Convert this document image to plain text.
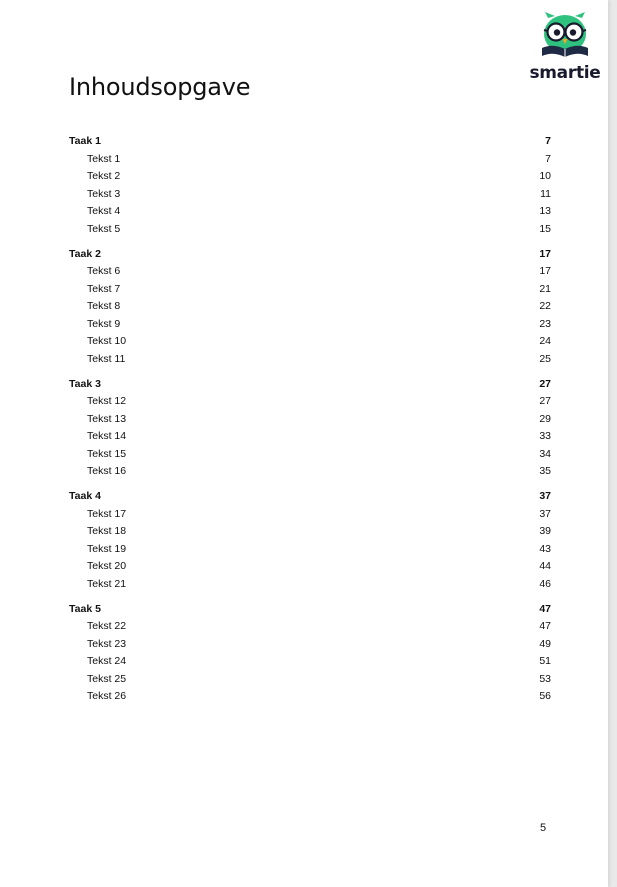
smartie
Inhoudsopgave
Taak 1	7
Tekst 1	7
Tekst 2	10
Tekst 3	11
Tekst 4	13
Tekst 5	15
Taak 2	17
Tekst 6	17
Tekst 7	21
Tekst 8	22
Tekst 9	23
Tekst 10	24
Tekst 11	25
Taak 3	27
Tekst 12	27
Tekst 13	29
Tekst 14	33
Tekst 15	34
Tekst 16	35
Taak 4	37
Tekst 17	37
Tekst 18	39
Tekst 19	43
Tekst 20	44
Tekst 21	46
Taak 5	47
Tekst 22	47
Tekst 23	49
Tekst 24	51
Tekst 25	53
Tekst 26	56
5
